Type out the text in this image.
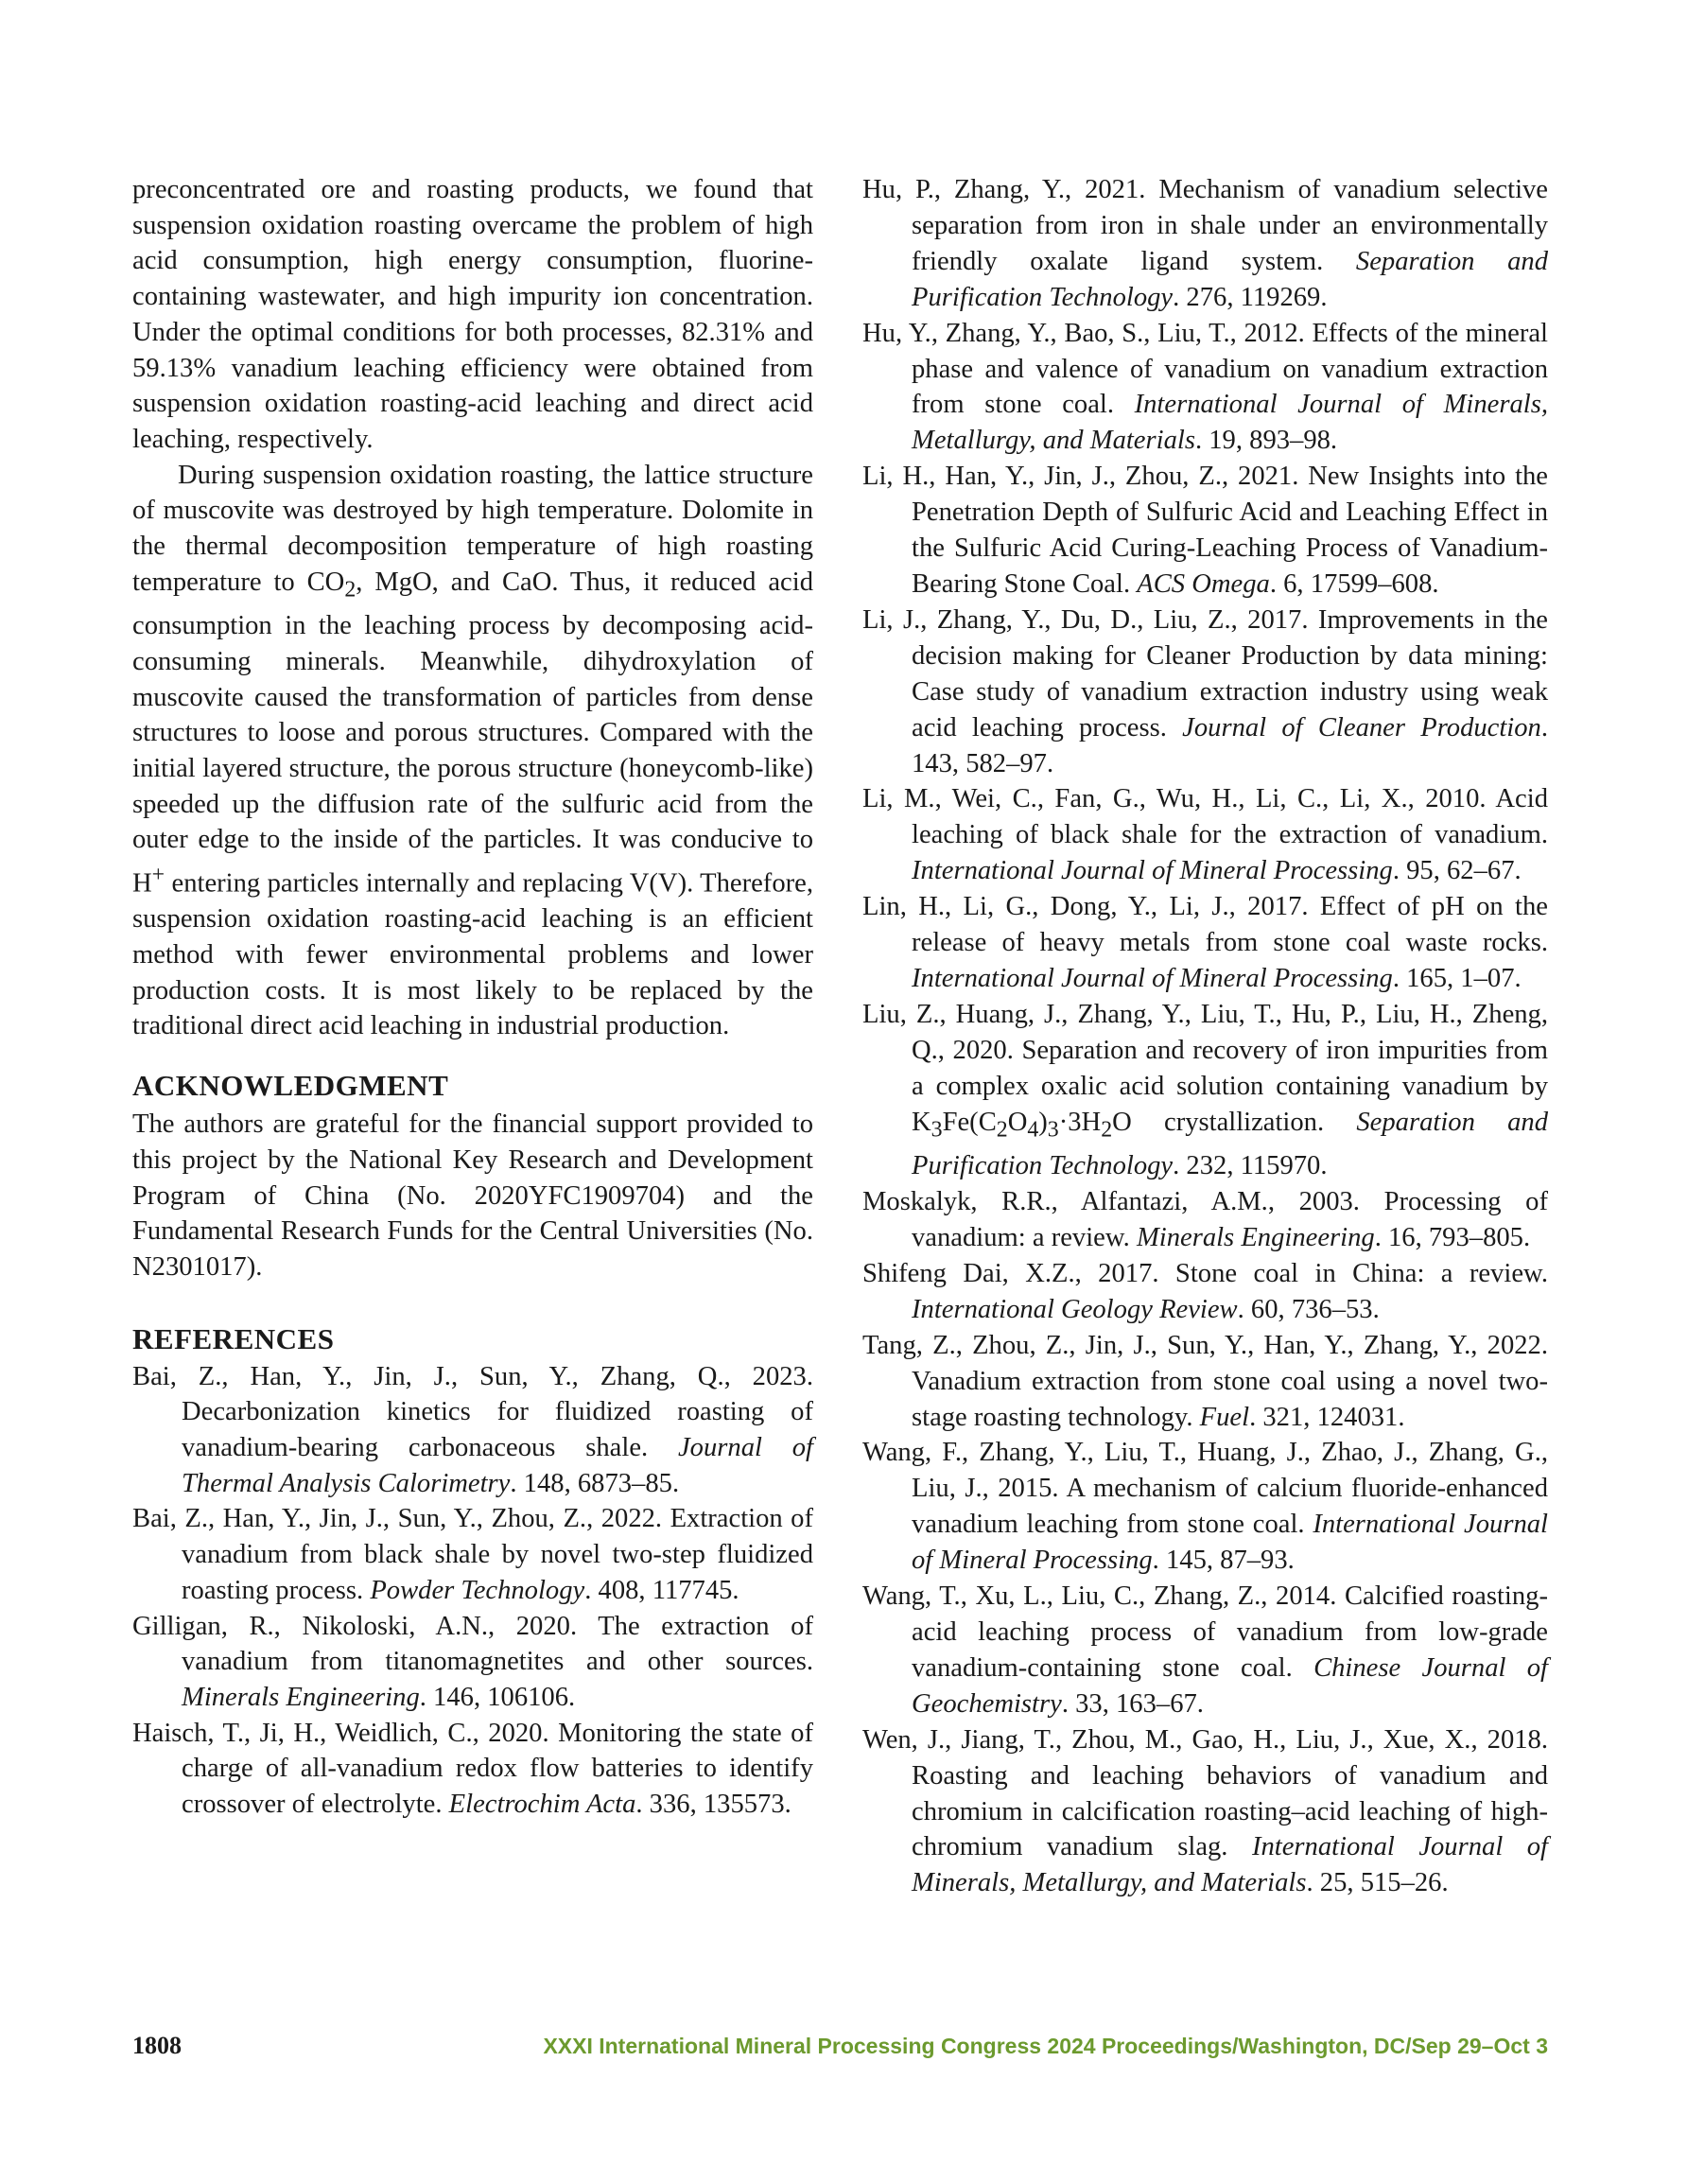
preconcentrated ore and roasting products, we found that suspension oxidation roasting overcame the problem of high acid consumption, high energy consumption, fluorine-containing wastewater, and high impurity ion concentration. Under the optimal conditions for both processes, 82.31% and 59.13% vanadium leaching efficiency were obtained from suspension oxidation roasting-acid leaching and direct acid leaching, respectively.

During suspension oxidation roasting, the lattice structure of muscovite was destroyed by high temperature. Dolomite in the thermal decomposition temperature of high roasting temperature to $CO_2$, MgO, and CaO. Thus, it reduced acid consumption in the leaching process by decomposing acid-consuming minerals. Meanwhile, dihydroxylation of muscovite caused the transformation of particles from dense structures to loose and porous structures. Compared with the initial layered structure, the porous structure (honeycomb-like) speeded up the diffusion rate of the sulfuric acid from the outer edge to the inside of the particles. It was conducive to H+ entering particles internally and replacing V(V). Therefore, suspension oxidation roasting-acid leaching is an efficient method with fewer environmental problems and lower production costs. It is most likely to be replaced by the traditional direct acid leaching in industrial production.

ACKNOWLEDGMENT

The authors are grateful for the financial support provided to this project by the National Key Research and Development Program of China (No. 2020YFC1909704) and the Fundamental Research Funds for the Central Universities (No. N2301017).

REFERENCES
Bai, Z., Han, Y., Jin, J., Sun, Y., Zhang, Q., 2023. Decarbonization kinetics for fluidized roasting of vanadium-bearing carbonaceous shale. Journal of Thermal Analysis Calorimetry. 148, 6873–85.
Bai, Z., Han, Y., Jin, J., Sun, Y., Zhou, Z., 2022. Extraction of vanadium from black shale by novel two-step fluidized roasting process. Powder Technology. 408, 117745.
Gilligan, R., Nikoloski, A.N., 2020. The extraction of vanadium from titanomagnetites and other sources. Minerals Engineering. 146, 106106.
Haisch, T., Ji, H., Weidlich, C., 2020. Monitoring the state of charge of all-vanadium redox flow batteries to identify crossover of electrolyte. Electrochim Acta. 336, 135573.
Hu, P., Zhang, Y., 2021. Mechanism of vanadium selective separation from iron in shale under an environmentally friendly oxalate ligand system. Separation and Purification Technology. 276, 119269.
Hu, Y., Zhang, Y., Bao, S., Liu, T., 2012. Effects of the mineral phase and valence of vanadium on vanadium extraction from stone coal. International Journal of Minerals, Metallurgy, and Materials. 19, 893–98.
Li, H., Han, Y., Jin, J., Zhou, Z., 2021. New Insights into the Penetration Depth of Sulfuric Acid and Leaching Effect in the Sulfuric Acid Curing-Leaching Process of Vanadium-Bearing Stone Coal. ACS Omega. 6, 17599–608.
Li, J., Zhang, Y., Du, D., Liu, Z., 2017. Improvements in the decision making for Cleaner Production by data mining: Case study of vanadium extraction industry using weak acid leaching process. Journal of Cleaner Production. 143, 582–97.
Li, M., Wei, C., Fan, G., Wu, H., Li, C., Li, X., 2010. Acid leaching of black shale for the extraction of vanadium. International Journal of Mineral Processing. 95, 62–67.
Lin, H., Li, G., Dong, Y., Li, J., 2017. Effect of pH on the release of heavy metals from stone coal waste rocks. International Journal of Mineral Processing. 165, 1–07.
Liu, Z., Huang, J., Zhang, Y., Liu, T., Hu, P., Liu, H., Zheng, Q., 2020. Separation and recovery of iron impurities from a complex oxalic acid solution containing vanadium by $K_3Fe(C_2O_4)_3\cdot 3H_2O$ crystallization. Separation and Purification Technology. 232, 115970.
Moskalyk, R.R., Alfantazi, A.M., 2003. Processing of vanadium: a review. Minerals Engineering. 16, 793–805.
Shifeng Dai, X.Z., 2017. Stone coal in China: a review. International Geology Review. 60, 736–53.
Tang, Z., Zhou, Z., Jin, J., Sun, Y., Han, Y., Zhang, Y., 2022. Vanadium extraction from stone coal using a novel two-stage roasting technology. Fuel. 321, 124031.
Wang, F., Zhang, Y., Liu, T., Huang, J., Zhao, J., Zhang, G., Liu, J., 2015. A mechanism of calcium fluoride-enhanced vanadium leaching from stone coal. International Journal of Mineral Processing. 145, 87–93.
Wang, T., Xu, L., Liu, C., Zhang, Z., 2014. Calcified roasting-acid leaching process of vanadium from low-grade vanadium-containing stone coal. Chinese Journal of Geochemistry. 33, 163–67.
Wen, J., Jiang, T., Zhou, M., Gao, H., Liu, J., Xue, X., 2018. Roasting and leaching behaviors of vanadium and chromium in calcification roasting–acid leaching of high-chromium vanadium slag. International Journal of Minerals, Metallurgy, and Materials. 25, 515–26.
1808	XXXI International Mineral Processing Congress 2024 Proceedings/Washington, DC/Sep 29–Oct 3
